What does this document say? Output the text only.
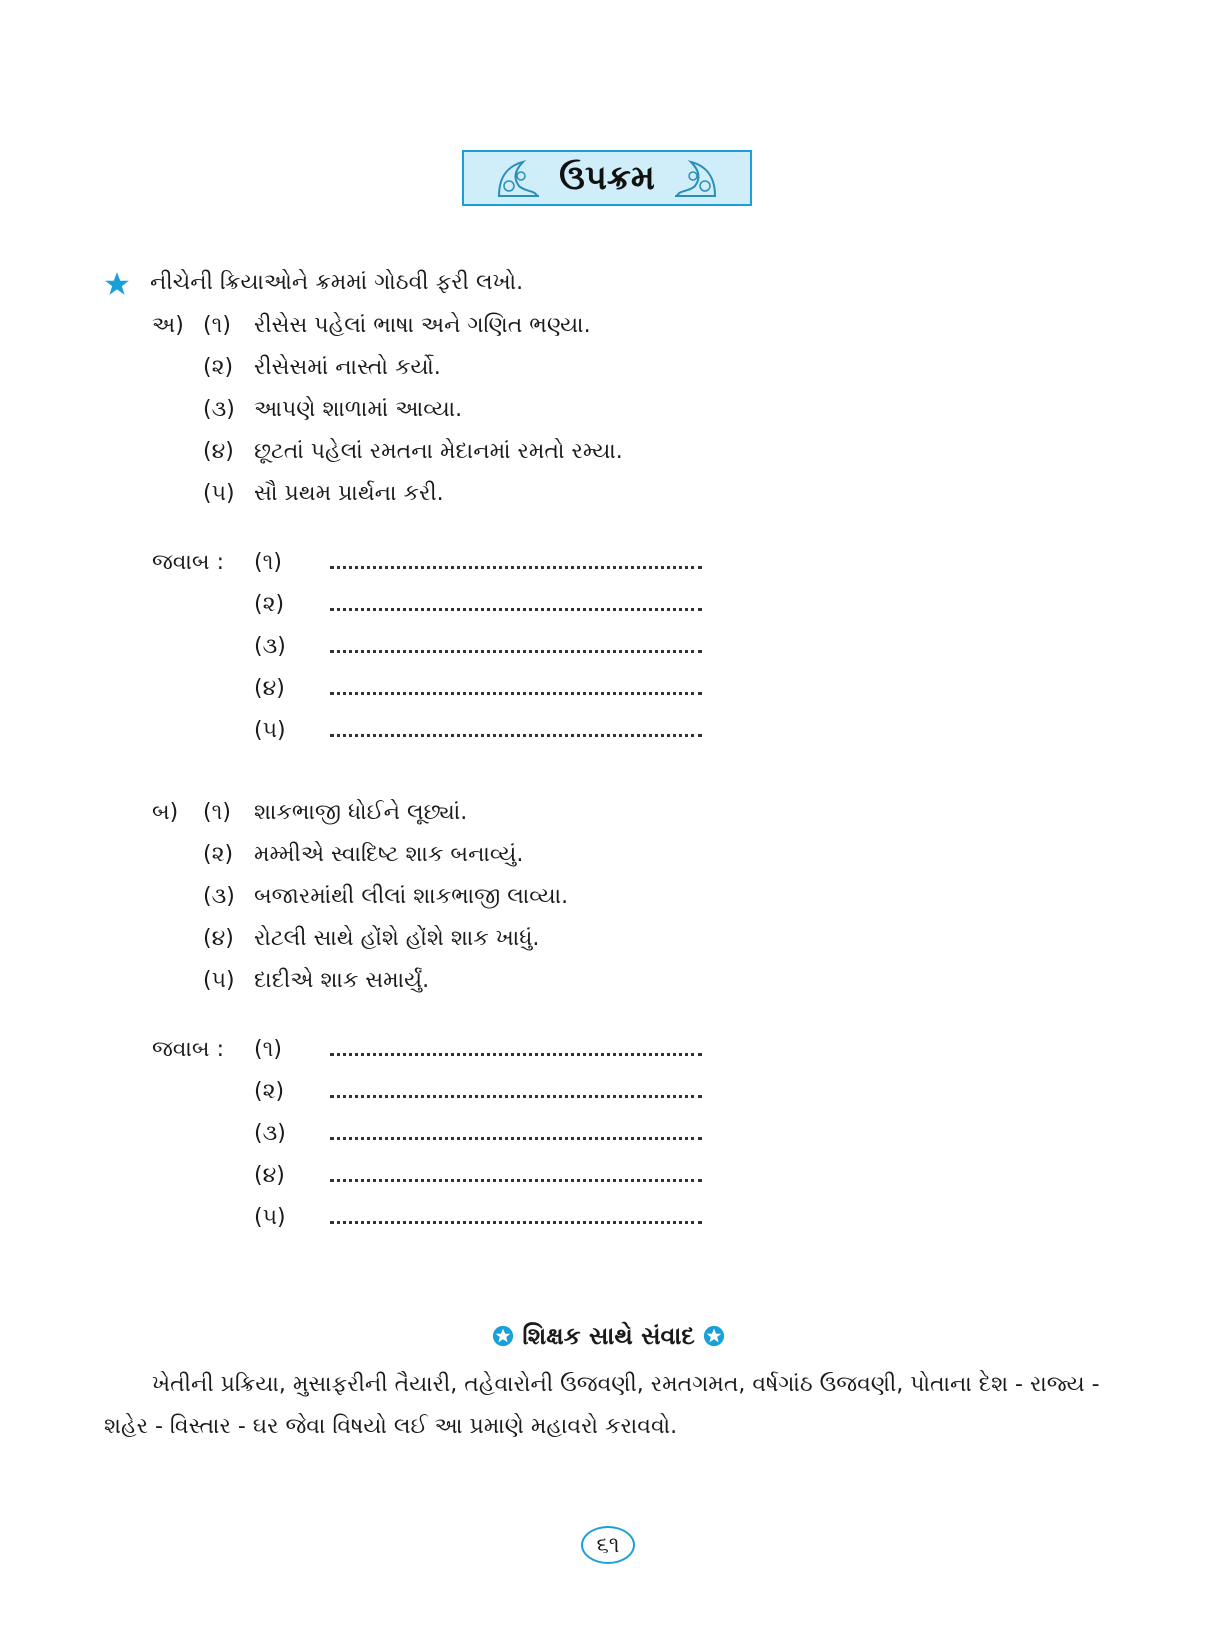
ઉપક્રમ
નીચેની ક્રિયાઓને ક્રમમાં ગોઠવી ફરી લખો.
અ) (૧) રીસેસ પહેલાં ભાષા અને ગણિત ભણ્યા.
(૨) રીસેસમાં નાસ્તો કર્યો.
(૩) આપણે શાળામાં આવ્યા.
(૪) છૂટતાં પહેલાં રમતના મેદાનમાં રમતો રમ્યા.
(૫) સૌ પ્રથમ પ્રાર્થના કરી.
જવાબ : (૧)
(૨)
(૩)
(૪)
(૫)
બ) (૧) શાકભાજી ધોઈને લૂછ્યાં.
(૨) મમ્મીએ સ્વાદિષ્ટ શાક બનાવ્યું.
(૩) બજારમાંથી લીલાં શાકભાજી લાવ્યા.
(૪) રોટલી સાથે હોંશે હોંશે શાક ખાધું.
(૫) દાદીએ શાક સમાર્યું.
જવાબ : (૧)
(૨)
(૩)
(૪)
(૫)
શિક્ષક સાથે સંવાદ
ખેતીની પ્રક્રિયા, મુસાફરીની તૈયારી, તહેવારોની ઉજવણી, રમતગમત, વર્ષગાંઠ ઉજવણી, પોતાના દેશ - રાજ્ય -
શહેર - વિસ્તાર - ઘર જેવા વિષયો લઈ આ પ્રમાણે મહાવરો કરાવવો.
૬૧
